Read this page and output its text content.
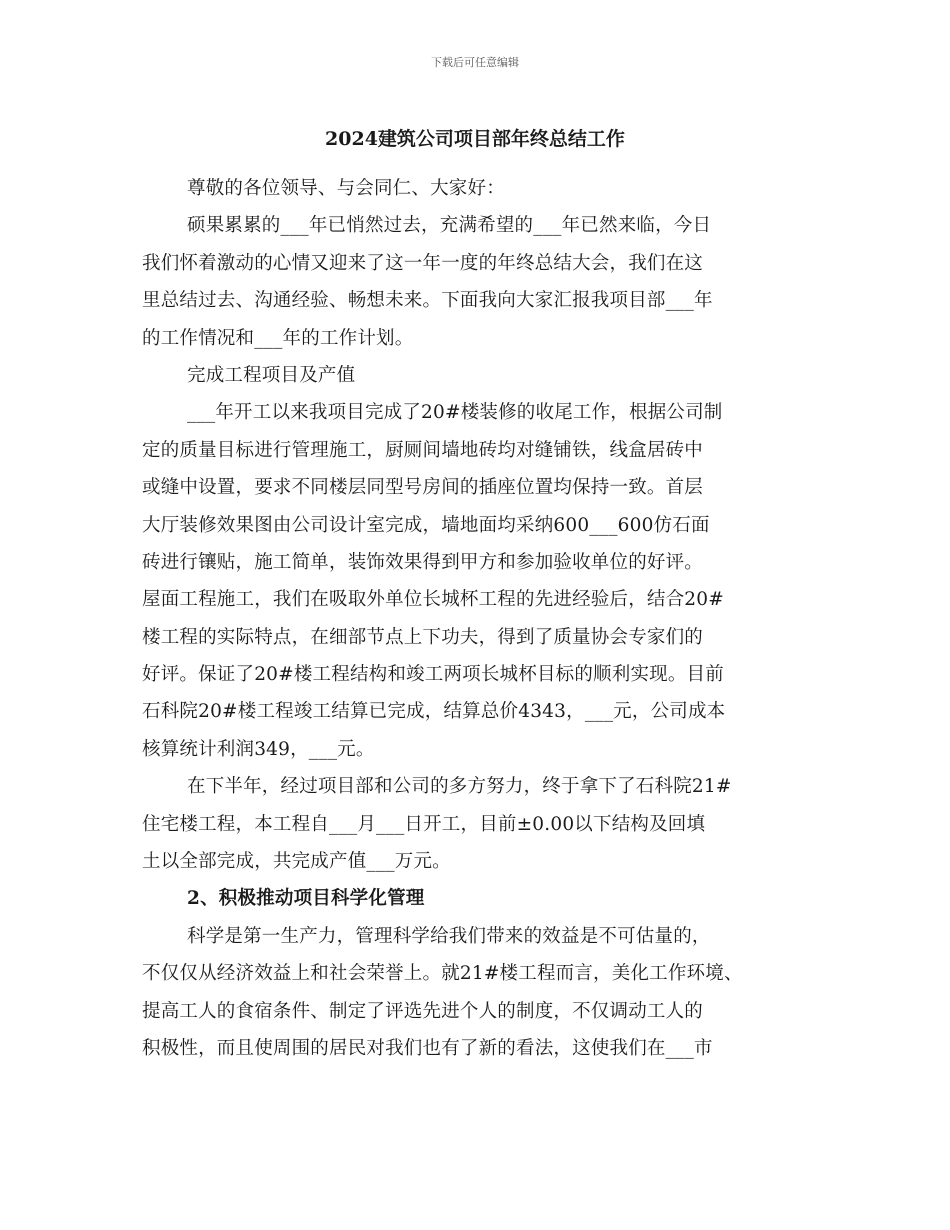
下载后可任意编辑
2024建筑公司项目部年终总结工作
尊敬的各位领导、与会同仁、大家好：
硕果累累的___年已悄然过去，充满希望的___年已然来临，今日
我们怀着激动的心情又迎来了这一年一度的年终总结大会，我们在这
里总结过去、沟通经验、畅想未来。下面我向大家汇报我项目部___年
的工作情况和___年的工作计划。
完成工程项目及产值
___年开工以来我项目完成了20#楼装修的收尾工作，根据公司制
定的质量目标进行管理施工，厨厕间墙地砖均对缝铺铁，线盒居砖中
或缝中设置，要求不同楼层同型号房间的插座位置均保持一致。首层
大厅装修效果图由公司设计室完成，墙地面均采纳600___600仿石面
砖进行镶贴，施工简单，装饰效果得到甲方和参加验收单位的好评。
屋面工程施工，我们在吸取外单位长城杯工程的先进经验后，结合20#
楼工程的实际特点，在细部节点上下功夫，得到了质量协会专家们的
好评。保证了20#楼工程结构和竣工两项长城杯目标的顺利实现。目前
石科院20#楼工程竣工结算已完成，结算总价4343，___元，公司成本
核算统计利润349，___元。
在下半年，经过项目部和公司的多方努力，终于拿下了石科院21#
住宅楼工程，本工程自___月___日开工，目前±0.00以下结构及回填
土以全部完成，共完成产值___万元。
2、积极推动项目科学化管理
科学是第一生产力，管理科学给我们带来的效益是不可估量的，
不仅仅从经济效益上和社会荣誉上。就21#楼工程而言，美化工作环境、
提高工人的食宿条件、制定了评选先进个人的制度，不仅调动工人的
积极性，而且使周围的居民对我们也有了新的看法，这使我们在___市
